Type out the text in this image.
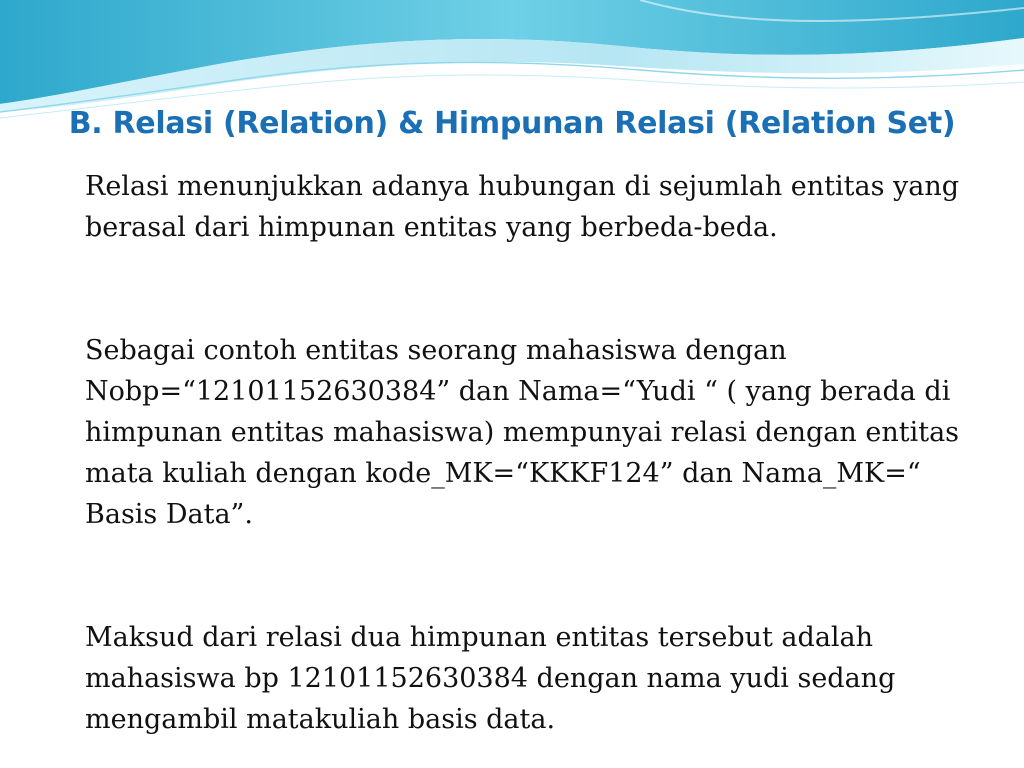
B. Relasi (Relation) & Himpunan Relasi (Relation Set)

Relasi menunjukkan adanya hubungan di sejumlah entitas yang berasal dari himpunan entitas yang berbeda-beda.

Sebagai contoh entitas seorang mahasiswa dengan Nobp=“12101152630384” dan Nama=“Yudi “ ( yang berada di himpunan entitas mahasiswa) mempunyai relasi dengan entitas mata kuliah dengan kode_MK=“KKKF124” dan Nama_MK=“ Basis Data”.

Maksud dari relasi dua himpunan entitas tersebut adalah mahasiswa bp 12101152630384 dengan nama yudi sedang mengambil matakuliah basis data.
